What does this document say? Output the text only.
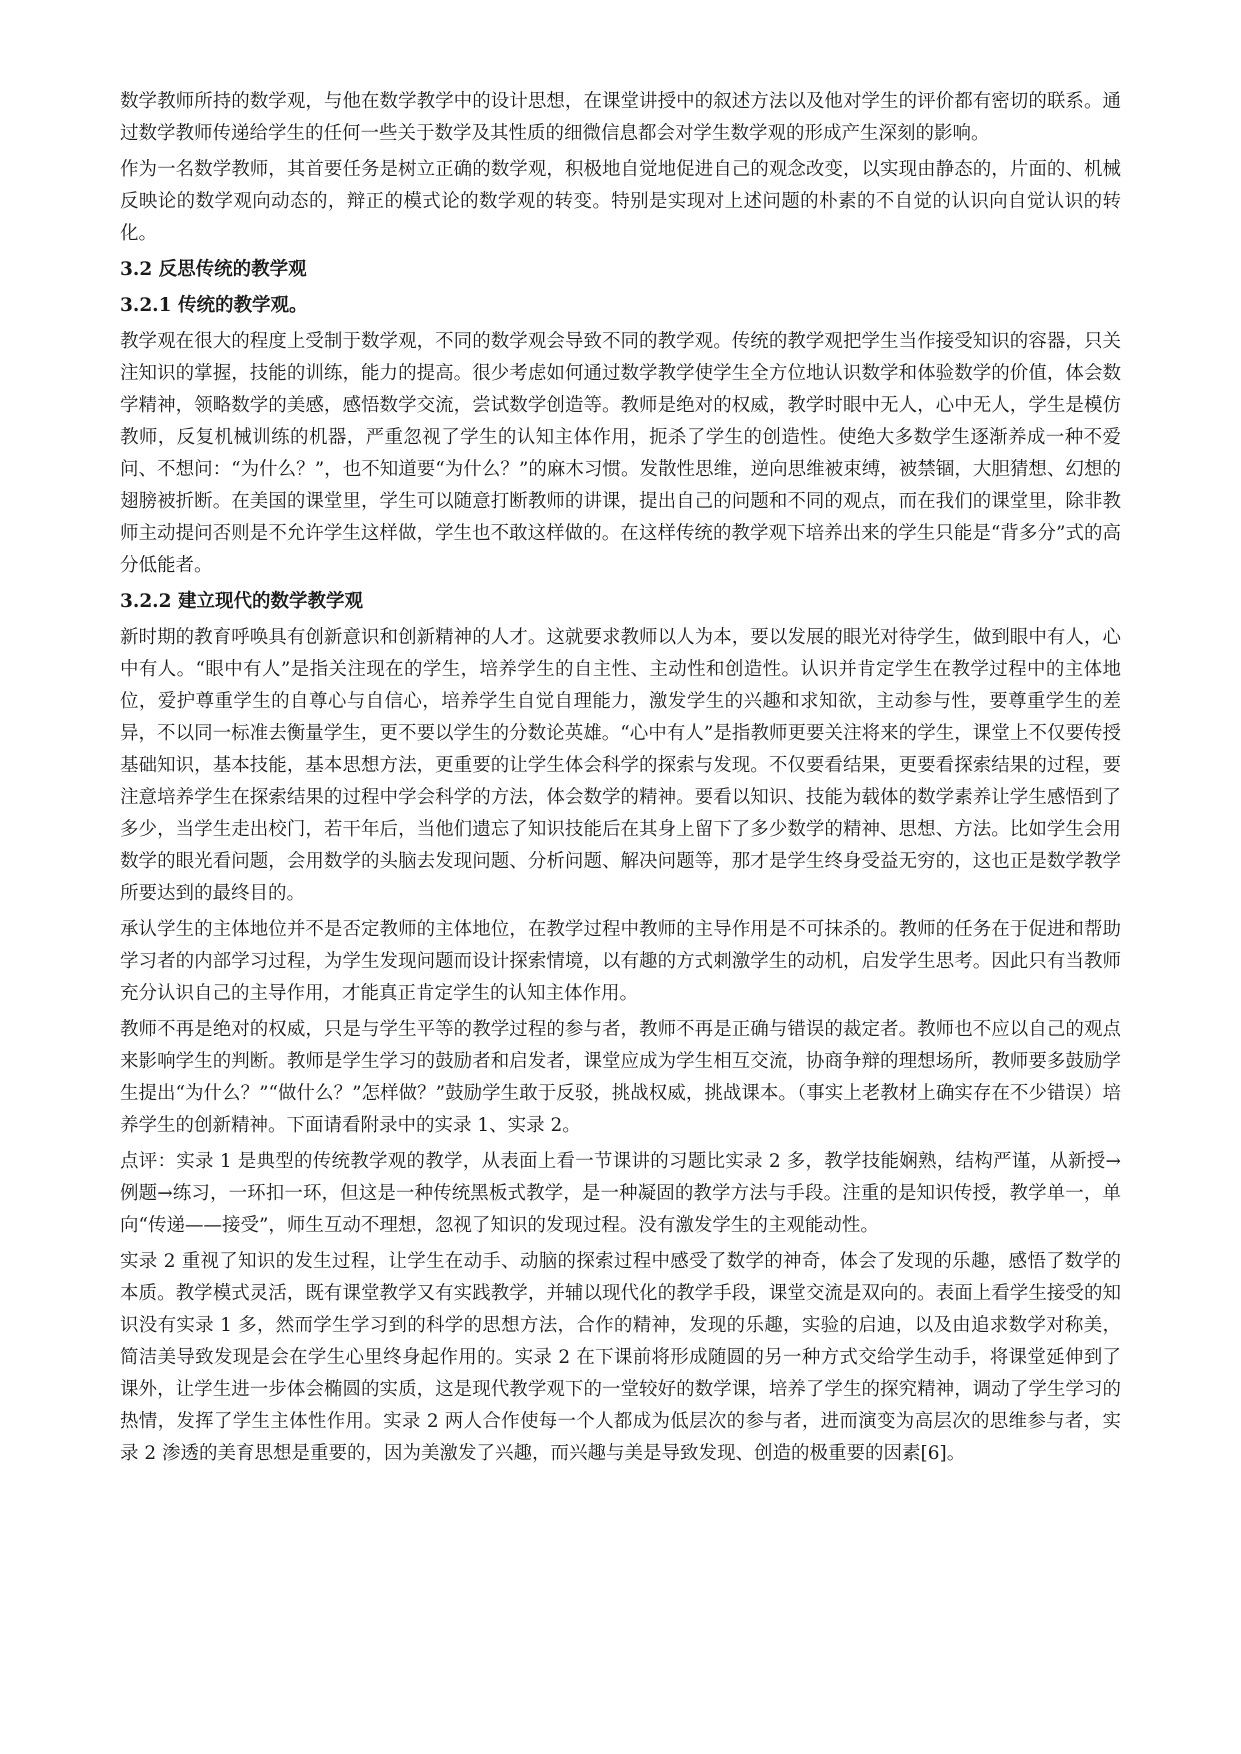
数学教师所持的数学观，与他在数学教学中的设计思想，在课堂讲授中的叙述方法以及他对学生的评价都有密切的联系。通过数学教师传递给学生的任何一些关于数学及其性质的细微信息都会对学生数学观的形成产生深刻的影响。

作为一名数学教师，其首要任务是树立正确的数学观，积极地自觉地促进自己的观念改变，以实现由静态的，片面的、机械反映论的数学观向动态的，辩正的模式论的数学观的转变。特别是实现对上述问题的朴素的不自觉的认识向自觉认识的转化。

3.2 反思传统的教学观
3.2.1 传统的教学观。

教学观在很大的程度上受制于数学观，不同的数学观会导致不同的教学观。传统的教学观把学生当作接受知识的容器，只关注知识的掌握，技能的训练，能力的提高。很少考虑如何通过数学教学使学生全方位地认识数学和体验数学的价值，体会数学精神，领略数学的美感，感悟数学交流，尝试数学创造等。教师是绝对的权威，教学时眼中无人，心中无人，学生是模仿教师，反复机械训练的机器，严重忽视了学生的认知主体作用，扼杀了学生的创造性。使绝大多数学生逐渐养成一种不爱问、不想问：“为什么？”，也不知道要“为什么？”的麻木习惯。发散性思维，逆向思维被束缚，被禁锢，大胆猜想、幻想的翅膀被折断。在美国的课堂里，学生可以随意打断教师的讲课，提出自己的问题和不同的观点，而在我们的课堂里，除非教师主动提问否则是不允许学生这样做，学生也不敢这样做的。在这样传统的教学观下培养出来的学生只能是“背多分”式的高分低能者。

3.2.2 建立现代的数学教学观

新时期的教育呼唤具有创新意识和创新精神的人才。这就要求教师以人为本，要以发展的眼光对待学生，做到眼中有人，心中有人。“眼中有人”是指关注现在的学生，培养学生的自主性、主动性和创造性。认识并肯定学生在教学过程中的主体地位，爱护尊重学生的自尊心与自信心，培养学生自觉自理能力，激发学生的兴趣和求知欲，主动参与性，要尊重学生的差异，不以同一标准去衡量学生，更不要以学生的分数论英雄。“心中有人”是指教师更要关注将来的学生，课堂上不仅要传授基础知识，基本技能，基本思想方法，更重要的让学生体会科学的探索与发现。不仅要看结果，更要看探索结果的过程，要注意培养学生在探索结果的过程中学会科学的方法，体会数学的精神。要看以知识、技能为载体的数学素养让学生感悟到了多少，当学生走出校门，若干年后，当他们遗忘了知识技能后在其身上留下了多少数学的精神、思想、方法。比如学生会用数学的眼光看问题，会用数学的头脑去发现问题、分析问题、解决问题等，那才是学生终身受益无穷的，这也正是数学教学所要达到的最终目的。

承认学生的主体地位并不是否定教师的主体地位，在教学过程中教师的主导作用是不可抹杀的。教师的任务在于促进和帮助学习者的内部学习过程，为学生发现问题而设计探索情境，以有趣的方式刺激学生的动机，启发学生思考。因此只有当教师充分认识自己的主导作用，才能真正肯定学生的认知主体作用。

教师不再是绝对的权威，只是与学生平等的教学过程的参与者，教师不再是正确与错误的裁定者。教师也不应以自己的观点来影响学生的判断。教师是学生学习的鼓励者和启发者，课堂应成为学生相互交流，协商争辩的理想场所，教师要多鼓励学生提出“为什么？”“做什么？”怎样做？”鼓励学生敢于反驳，挑战权威，挑战课本。（事实上老教材上确实存在不少错误）培养学生的创新精神。下面请看附录中的实录 1、实录 2。

点评：实录 1 是典型的传统教学观的教学，从表面上看一节课讲的习题比实录 2 多，教学技能娴熟，结构严谨，从新授→例题→练习，一环扣一环，但这是一种传统黑板式教学，是一种凝固的教学方法与手段。注重的是知识传授，教学单一，单向“传递——接受”，师生互动不理想，忽视了知识的发现过程。没有激发学生的主观能动性。

实录 2 重视了知识的发生过程，让学生在动手、动脑的探索过程中感受了数学的神奇，体会了发现的乐趣，感悟了数学的本质。教学模式灵活，既有课堂教学又有实践教学，并辅以现代化的教学手段，课堂交流是双向的。表面上看学生接受的知识没有实录 1 多，然而学生学习到的科学的思想方法，合作的精神，发现的乐趣，实验的启迪，以及由追求数学对称美，简洁美导致发现是会在学生心里终身起作用的。实录 2 在下课前将形成随圆的另一种方式交给学生动手，将课堂延伸到了课外，让学生进一步体会椭圆的实质，这是现代教学观下的一堂较好的数学课，培养了学生的探究精神，调动了学生学习的热情，发挥了学生主体性作用。实录 2 两人合作使每一个人都成为低层次的参与者，进而演变为高层次的思维参与者，实录 2 渗透的美育思想是重要的，因为美激发了兴趣，而兴趣与美是导致发现、创造的极重要的因素[6]。
